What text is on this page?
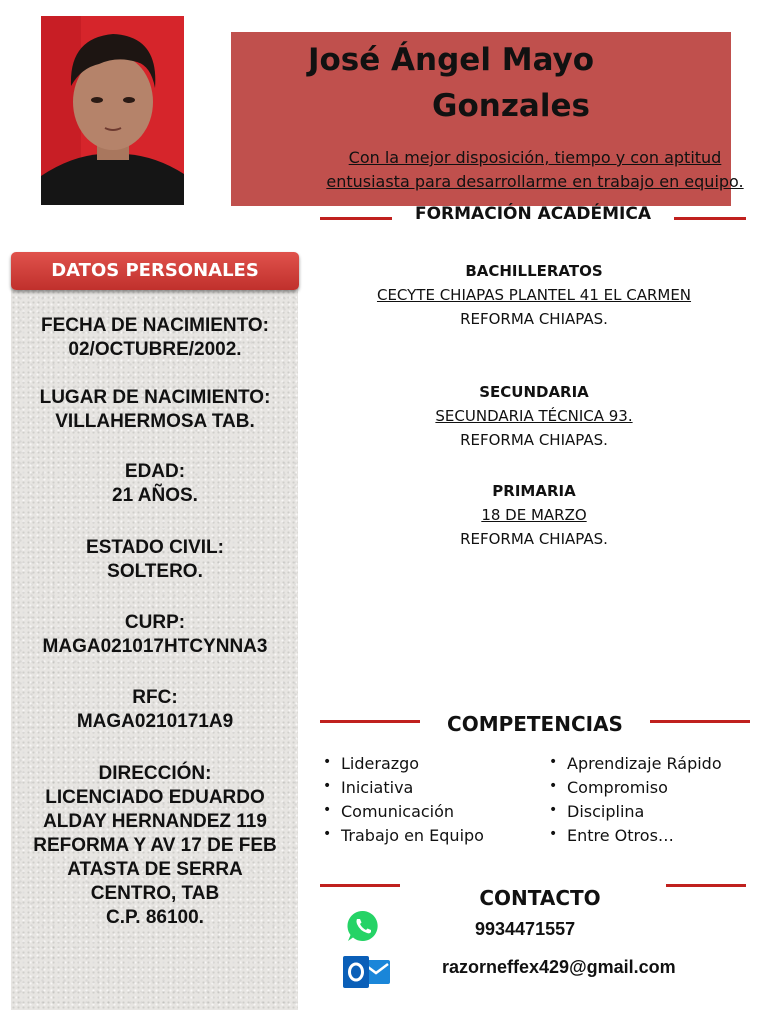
José Ángel Mayo
Gonzales
Con la mejor disposición, tiempo y con aptitud
entusiasta para desarrollarme en trabajo en equipo.
DATOS PERSONALES
FECHA DE NACIMIENTO:
02/OCTUBRE/2002.
LUGAR DE NACIMIENTO:
VILLAHERMOSA TAB.
EDAD:
21 AÑOS.
ESTADO CIVIL:
SOLTERO.
CURP:
MAGA021017HTCYNNA3
RFC:
MAGA0210171A9
DIRECCIÓN:
LICENCIADO EDUARDO
ALDAY HERNANDEZ 119
REFORMA Y AV 17 DE FEB
ATASTA DE SERRA
CENTRO, TAB
C.P. 86100.
FORMACIÓN ACADÉMICA
BACHILLERATOS
CECYTE CHIAPAS PLANTEL 41 EL CARMEN
REFORMA CHIAPAS.
SECUNDARIA
SECUNDARIA TÉCNICA 93.
REFORMA CHIAPAS.
PRIMARIA
18 DE MARZO
REFORMA CHIAPAS.
COMPETENCIAS
• Liderazgo
• Iniciativa
• Comunicación
• Trabajo en Equipo
• Aprendizaje Rápido
• Compromiso
• Disciplina
• Entre Otros…
CONTACTO
9934471557
razorneffex429@gmail.com
